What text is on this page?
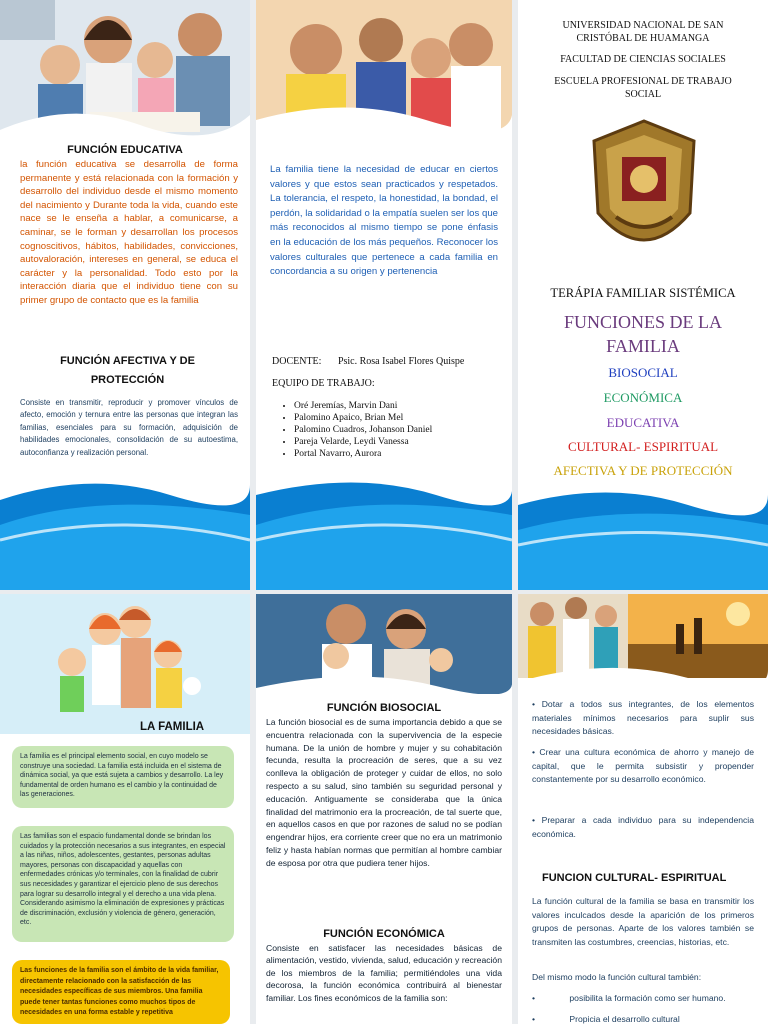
FUNCIÓN EDUCATIVA
la función educativa se desarrolla de forma permanente y está relacionada con la formación y desarrollo del individuo desde el mismo momento del nacimiento y Durante toda la vida, cuando este nace se le enseña a hablar, a comunicarse, a caminar, se le forman y desarrollan los procesos cognoscitivos, hábitos, habilidades, convicciones, autovaloración, intereses en general, se educa el carácter y la personalidad. Todo esto por la interacción diaria que el individuo tiene con su primer grupo de contacto que es la familia
FUNCIÓN AFECTIVA Y DE PROTECCIÓN
Consiste en transmitir, reproducir y promover vínculos de afecto, emoción y ternura entre las personas que integran las familias, esenciales para su formación, adquisición de habilidades emocionales, consolidación de su autoestima, autoconfianza y realización personal.
La familia tiene la necesidad de educar en ciertos valores y que estos sean practicados y respetados. La tolerancia, el respeto, la honestidad, la bondad, el perdón, la solidaridad o la empatía suelen ser los que más reconocidos al mismo tiempo se pone énfasis en la educación de los más pequeños. Reconocer los valores culturales que pertenece a cada familia en concordancia a su origen y pertenencia
DOCENTE: Psic. Rosa Isabel Flores Quispe
EQUIPO DE TRABAJO:
• Oré Jeremías, Marvin Dani
• Palomino Apaico, Brian Mel
• Palomino Cuadros, Johanson Daniel
• Pareja Velarde, Leydi Vanessa
• Portal Navarro, Aurora
UNIVERSIDAD NACIONAL DE SAN CRISTÓBAL DE HUAMANGA
FACULTAD DE CIENCIAS SOCIALES
ESCUELA PROFESIONAL DE TRABAJO SOCIAL
TERÁPIA FAMILIAR SISTÉMICA
FUNCIONES DE LA FAMILIA
BIOSOCIAL
ECONÓMICA
EDUCATIVA
CULTURAL- ESPIRITUAL
AFECTIVA Y DE PROTECCIÓN
LA FAMILIA
La familia es el principal elemento social, en cuyo modelo se construye una sociedad. La familia está incluida en el sistema de dinámica social, ya que está sujeta a cambios y desarrollo. La ley fundamental de orden humano es el cambio y la continuidad de las generaciones.
Las familias son el espacio fundamental donde se brindan los cuidados y la protección necesarios a sus integrantes, en especial a las niñas, niños, adolescentes, gestantes, personas adultas mayores, personas con discapacidad y aquellas con enfermedades crónicas y/o terminales, con la finalidad de cubrir sus necesidades y garantizar el ejercicio pleno de sus derechos para lograr su desarrollo integral y el derecho a una vida plena. Considerando asimismo la eliminación de expresiones y prácticas de discriminación, exclusión y violencia de género, generación, etc.
Las funciones de la familia son el ámbito de la vida familiar, directamente relacionado con la satisfacción de las necesidades específicas de sus miembros. Una familia puede tener tantas funciones como muchos tipos de necesidades en una forma estable y repetitiva
FUNCIÓN BIOSOCIAL
La función biosocial es de suma importancia debido a que se encuentra relacionada con la supervivencia de la especie humana. De la unión de hombre y mujer y su cohabitación fecunda, resulta la procreación de seres, que a su vez conlleva la obligación de proteger y cuidar de ellos, no solo respecto a su salud, sino también su seguridad personal y educación. Antiguamente se consideraba que la única finalidad del matrimonio era la procreación, de tal suerte que, en aquellos casos en que por razones de salud no se podían engendrar hijos, era corriente creer que no era un matrimonio feliz y hasta habían normas que permitían al hombre cambiar de esposa por otra que pudiera tener hijos.
FUNCIÓN ECONÓMICA
Consiste en satisfacer las necesidades básicas de alimentación, vestido, vivienda, salud, educación y recreación de los miembros de la familia; permitiéndoles una vida decorosa, la función económica contribuirá al bienestar familiar. Los fines económicos de la familia son:
• Dotar a todos sus integrantes, de los elementos materiales mínimos necesarios para suplir sus necesidades básicas.
• Crear una cultura económica de ahorro y manejo de capital, que le permita subsistir y propender constantemente por su desarrollo económico.
• Preparar a cada individuo para su independencia económica.
FUNCION CULTURAL- ESPIRITUAL
La función cultural de la familia se basa en transmitir los valores inculcados desde la aparición de los primeros grupos de personas. Aparte de los valores también se transmiten las costumbres, creencias, historias, etc.
Del mismo modo la función cultural también:
•	posibilita la formación como ser humano.
•	Propicia el desarrollo cultural
